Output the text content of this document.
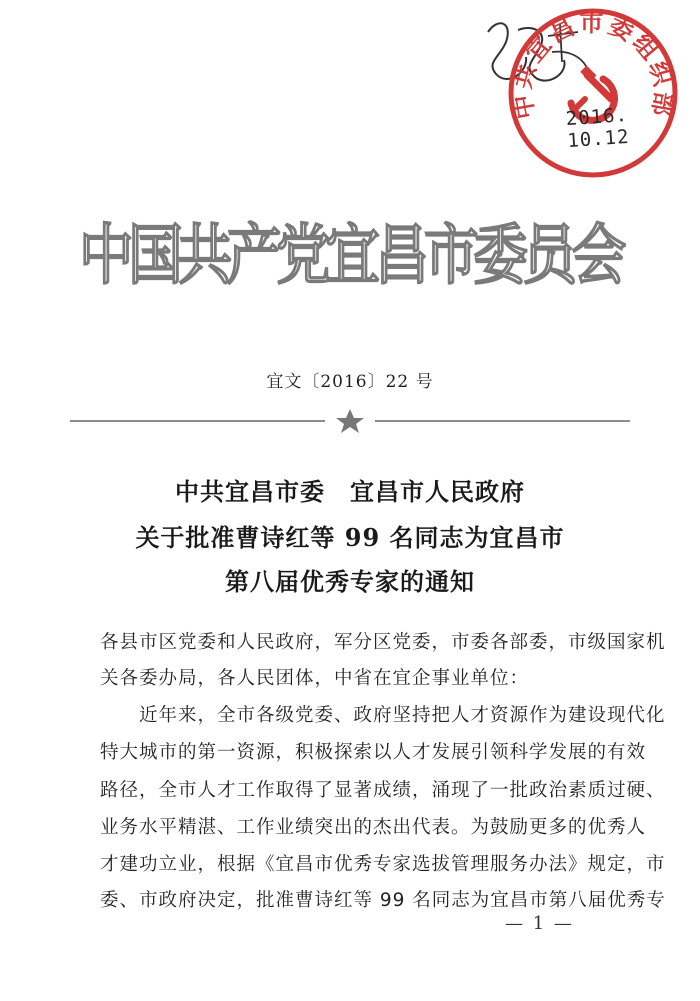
中共宜昌市委组织部
2016. 10.12
中国共产党宜昌市委员会
宜文〔2016〕22 号
中共宜昌市委　宜昌市人民政府
关于批准曹诗红等 99 名同志为宜昌市
第八届优秀专家的通知
各县市区党委和人民政府，军分区党委，市委各部委，市级国家机
关各委办局，各人民团体，中省在宜企事业单位：
　　近年来，全市各级党委、政府坚持把人才资源作为建设现代化
特大城市的第一资源，积极探索以人才发展引领科学发展的有效
路径，全市人才工作取得了显著成绩，涌现了一批政治素质过硬、
业务水平精湛、工作业绩突出的杰出代表。为鼓励更多的优秀人
才建功立业，根据《宜昌市优秀专家选拔管理服务办法》规定，市
委、市政府决定，批准曹诗红等 99 名同志为宜昌市第八届优秀专
— 1 —
